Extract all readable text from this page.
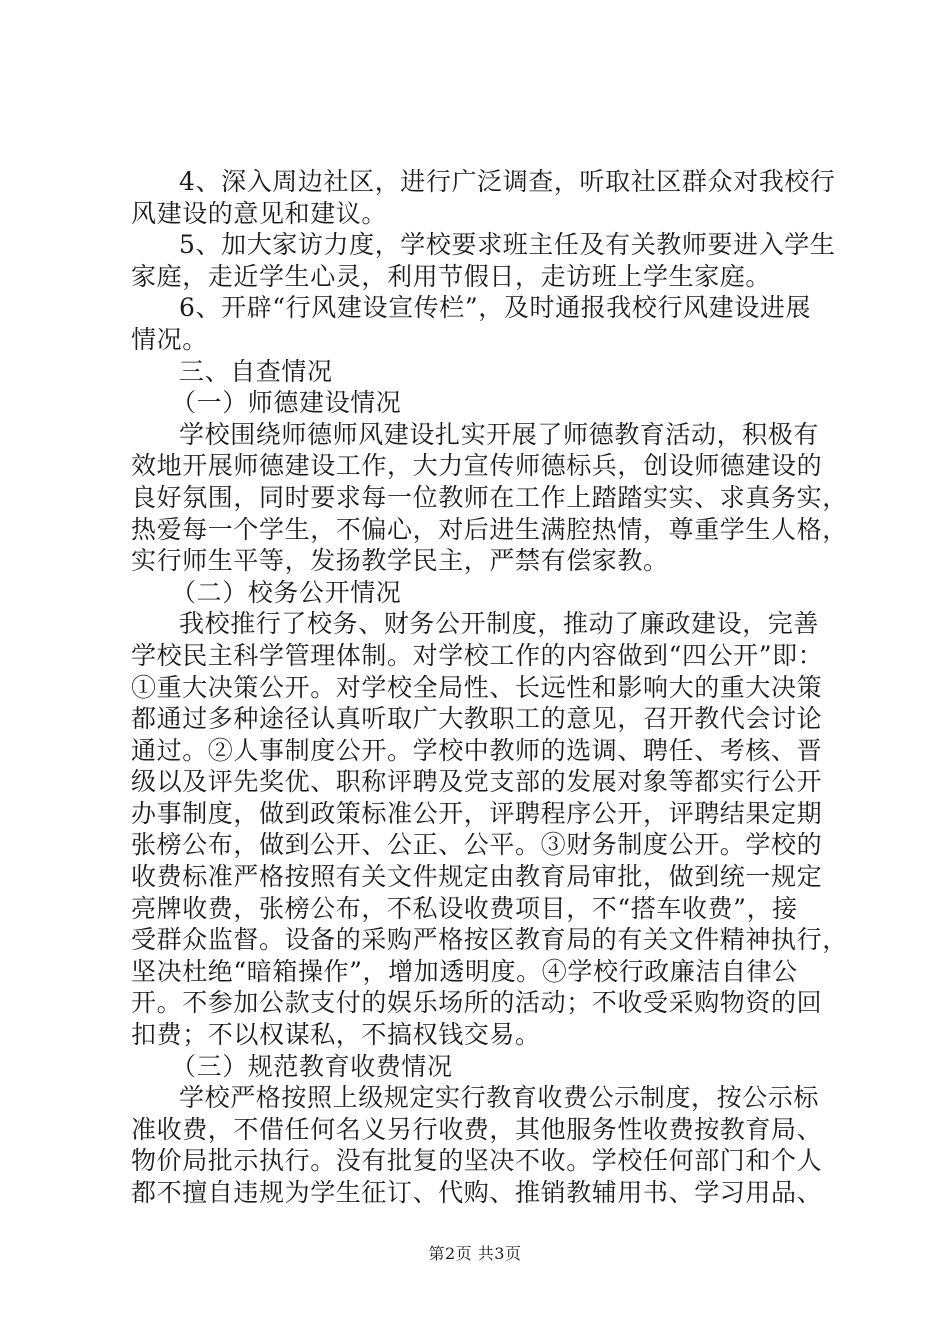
4、深入周边社区，进行广泛调查，听取社区群众对我校行
风建设的意见和建议。
5、加大家访力度，学校要求班主任及有关教师要进入学生
家庭，走近学生心灵，利用节假日，走访班上学生家庭。
6、开辟“行风建设宣传栏”，及时通报我校行风建设进展
情况。
三、自查情况
（一）师德建设情况
学校围绕师德师风建设扎实开展了师德教育活动，积极有
效地开展师德建设工作，大力宣传师德标兵，创设师德建设的
良好氛围，同时要求每一位教师在工作上踏踏实实、求真务实，
热爱每一个学生，不偏心，对后进生满腔热情，尊重学生人格，
实行师生平等，发扬教学民主，严禁有偿家教。
（二）校务公开情况
我校推行了校务、财务公开制度，推动了廉政建设，完善
学校民主科学管理体制。对学校工作的内容做到“四公开”即：
①重大决策公开。对学校全局性、长远性和影响大的重大决策
都通过多种途径认真听取广大教职工的意见，召开教代会讨论
通过。②人事制度公开。学校中教师的选调、聘任、考核、晋
级以及评先奖优、职称评聘及党支部的发展对象等都实行公开
办事制度，做到政策标准公开，评聘程序公开，评聘结果定期
张榜公布，做到公开、公正、公平。③财务制度公开。学校的
收费标准严格按照有关文件规定由教育局审批，做到统一规定
亮牌收费，张榜公布，不私设收费项目，不“搭车收费”，接
受群众监督。设备的采购严格按区教育局的有关文件精神执行，
坚决杜绝“暗箱操作”，增加透明度。④学校行政廉洁自律公
开。不参加公款支付的娱乐场所的活动；不收受采购物资的回
扣费；不以权谋私，不搞权钱交易。
（三）规范教育收费情况
学校严格按照上级规定实行教育收费公示制度，按公示标
准收费，不借任何名义另行收费，其他服务性收费按教育局、
物价局批示执行。没有批复的坚决不收。学校任何部门和个人
都不擅自违规为学生征订、代购、推销教辅用书、学习用品、
第2页 共3页
